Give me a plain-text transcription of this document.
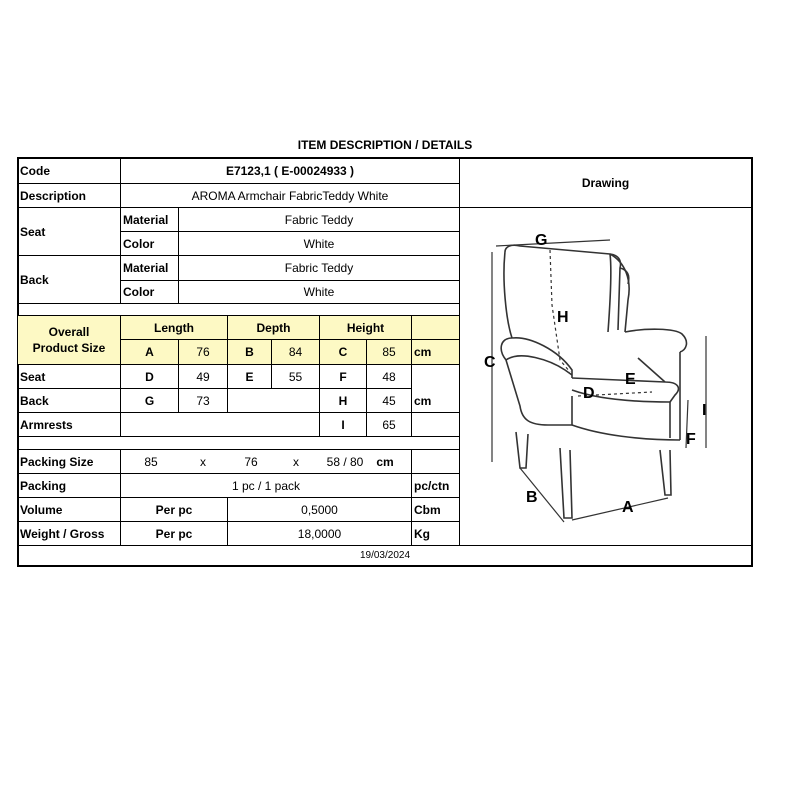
ITEM DESCRIPTION / DETAILS
Code	E7123,1 ( E-00024933 )
Drawing
Description	AROMA Armchair FabricTeddy White
Seat
Material	Fabric Teddy
Color	White
Back
Material	Fabric Teddy
Color	White
Overall
Product Size
Length	Depth	Height
A	76	B	84	C	85	cm
Seat	D	49	E	55	F	48
Back	G	73	H	45	cm
Armrests	I	65
Packing Size	85	x	76	x	58 / 80	cm
Packing	1 pc / 1 pack	pc/ctn
Volume	Per pc	0,5000	Cbm
Weight / Gross	Per pc	18,0000	Kg
19/03/2024
G
H
C
E
D
I
F
B
A
